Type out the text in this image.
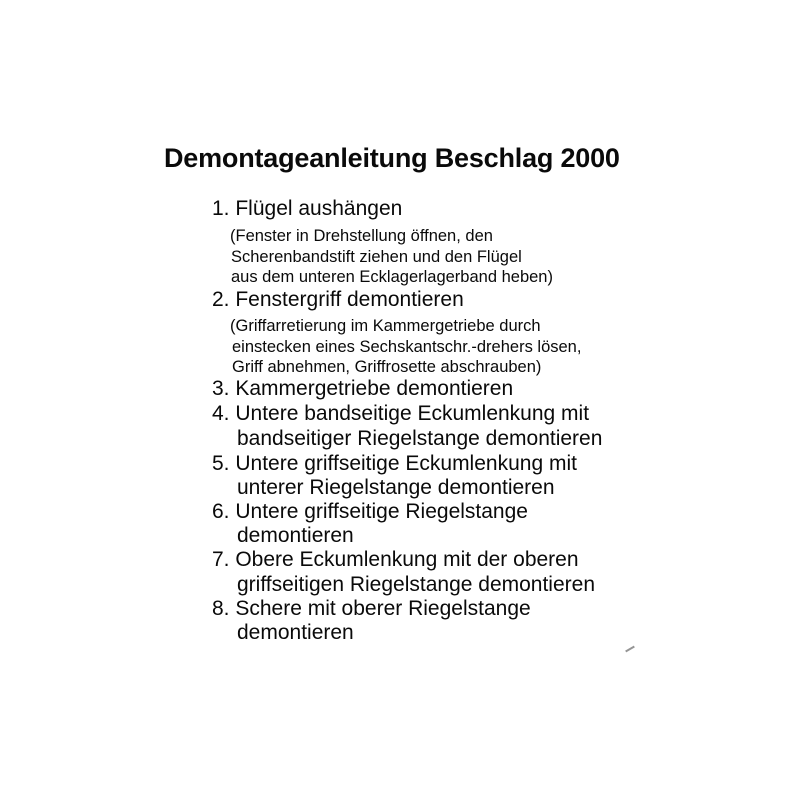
Demontageanleitung Beschlag 2000

1. Flügel aushängen

(Fenster in Drehstellung öffnen, den

Scherenbandstift ziehen und den Flügel

aus dem unteren Ecklagerlagerband heben)

2. Fenstergriff demontieren

(Griffarretierung im Kammergetriebe durch

einstecken eines Sechskantschr.-drehers lösen,

Griff abnehmen, Griffrosette abschrauben)

3. Kammergetriebe demontieren

4. Untere bandseitige Eckumlenkung mit

bandseitiger Riegelstange demontieren

5. Untere griffseitige Eckumlenkung mit

unterer Riegelstange demontieren

6. Untere griffseitige Riegelstange

demontieren

7. Obere Eckumlenkung mit der oberen

griffseitigen Riegelstange demontieren

8. Schere mit oberer Riegelstange

demontieren
